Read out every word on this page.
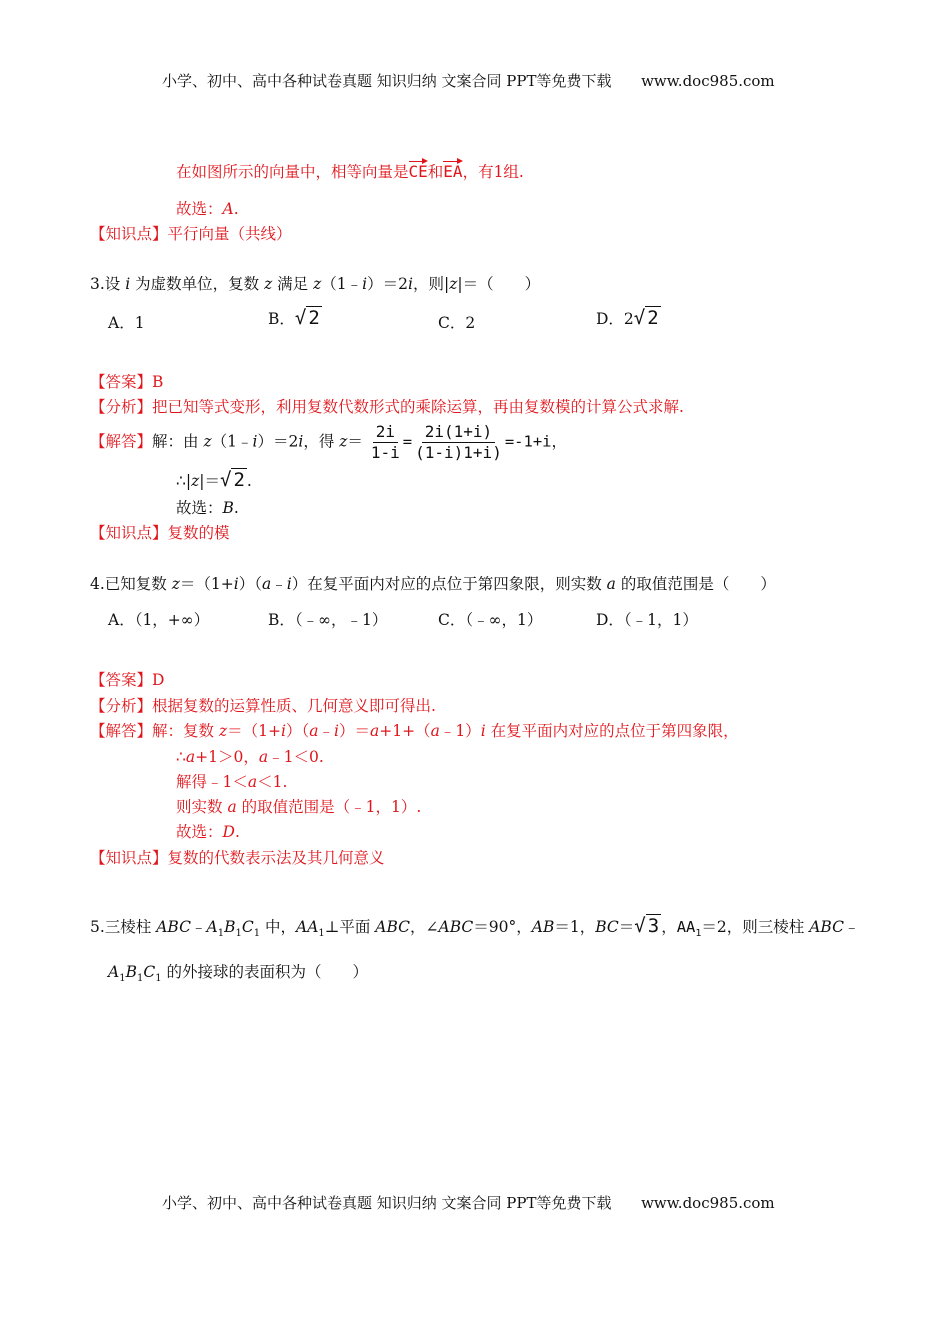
小学、初中、高中各种试卷真题 知识归纳 文案合同 PPT等免费下载 www.doc985.com
在如图所示的向量中，相等向量是CE和EA，有1组.
故选：A.
【知识点】平行向量（共线）
3.设 i 为虚数单位，复数 z 满足 z（1﹣i）＝2i，则|z|＝（　　）
A．1	B．√ 2	C．2	D．2√ 2
【答案】B
【分析】把已知等式变形，利用复数代数形式的乘除运算，再由复数模的计算公式求解.
【解答】解：由 z（1﹣i）＝2i，得 $z= \frac{2i}{1-i} = \frac{2i(1+i)}{(1-i)1+i)} =-1+i$，
∴|z|＝√ 2 .
故选：B.
【知识点】复数的模
4.已知复数 z＝（1+i）（a﹣i）在复平面内对应的点位于第四象限，则实数 a 的取值范围是（　　）
A．（1，+∞）	B．（﹣∞，﹣1）	C．（﹣∞，1）	D．（﹣1，1）
【答案】D
【分析】根据复数的运算性质、几何意义即可得出.
【解答】解：复数 z＝（1+i）（a﹣i）＝a+1+（a﹣1）i 在复平面内对应的点位于第四象限，
∴a+1＞0，a﹣1＜0.
解得﹣1＜a＜1.
则实数 a 的取值范围是（﹣1，1）.
故选：D.
【知识点】复数的代数表示法及其几何意义
5.三棱柱 $ABC﹣A_1B_1C_1$ 中，$AA_1\perp$平面 ABC，∠ABC＝90°，AB＝1，BC＝√ 3 ，$AA_1=2$，则三棱柱 ABC﹣
$A_1B_1C_1$ 的外接球的表面积为（　　）
小学、初中、高中各种试卷真题 知识归纳 文案合同 PPT等免费下载 www.doc985.com
